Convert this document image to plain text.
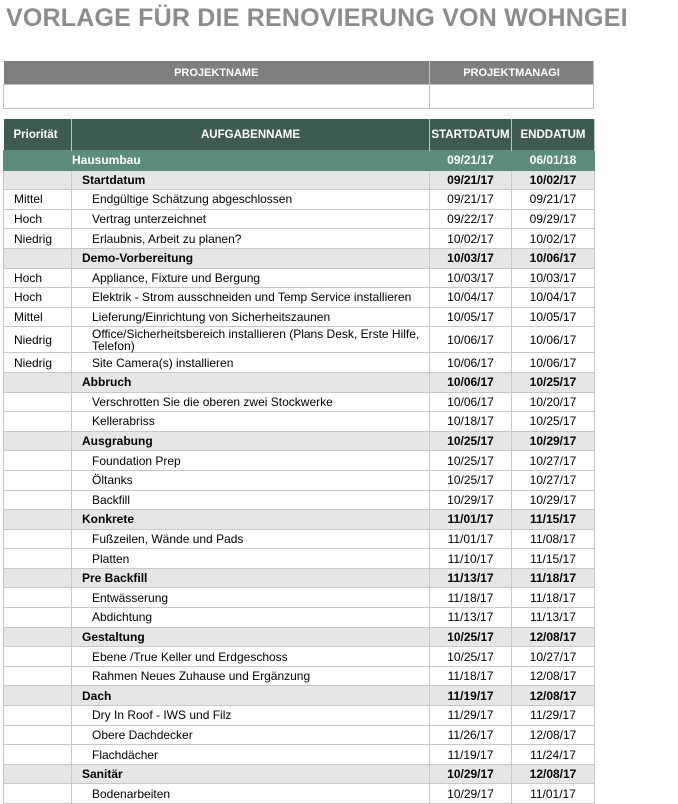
VORLAGE FÜR DIE RENOVIERUNG VON WOHNGEI
PROJEKTNAME	PROJEKTMANAGI

Priorität	AUFGABENNAME	STARTDATUM	ENDDATUM
	Hausumbau	09/21/17	06/01/18
	Startdatum	09/21/17	10/02/17
Mittel	Endgültige Schätzung abgeschlossen	09/21/17	09/21/17
Hoch	Vertrag unterzeichnet	09/22/17	09/29/17
Niedrig	Erlaubnis, Arbeit zu planen?	10/02/17	10/02/17
	Demo-Vorbereitung	10/03/17	10/06/17
Hoch	Appliance, Fixture und Bergung	10/03/17	10/03/17
Hoch	Elektrik - Strom ausschneiden und Temp Service installieren	10/04/17	10/04/17
Mittel	Lieferung/Einrichtung von Sicherheitszaunen	10/05/17	10/05/17
Niedrig	Office/Sicherheitsbereich installieren (Plans Desk, Erste Hilfe, Telefon)	10/06/17	10/06/17
Niedrig	Site Camera(s) installieren	10/06/17	10/06/17
	Abbruch	10/06/17	10/25/17
	Verschrotten Sie die oberen zwei Stockwerke	10/06/17	10/20/17
	Kellerabriss	10/18/17	10/25/17
	Ausgrabung	10/25/17	10/29/17
	Foundation Prep	10/25/17	10/27/17
	Öltanks	10/25/17	10/27/17
	Backfill	10/29/17	10/29/17
	Konkrete	11/01/17	11/15/17
	Fußzeilen, Wände und Pads	11/01/17	11/08/17
	Platten	11/10/17	11/15/17
	Pre Backfill	11/13/17	11/18/17
	Entwässerung	11/18/17	11/18/17
	Abdichtung	11/13/17	11/13/17
	Gestaltung	10/25/17	12/08/17
	Ebene /True Keller und Erdgeschoss	10/25/17	10/27/17
	Rahmen Neues Zuhause und Ergänzung	11/18/17	12/08/17
	Dach	11/19/17	12/08/17
	Dry In Roof - IWS und Filz	11/29/17	11/29/17
	Obere Dachdecker	11/26/17	12/08/17
	Flachdächer	11/19/17	11/24/17
	Sanitär	10/29/17	12/08/17
	Bodenarbeiten	10/29/17	11/01/17
